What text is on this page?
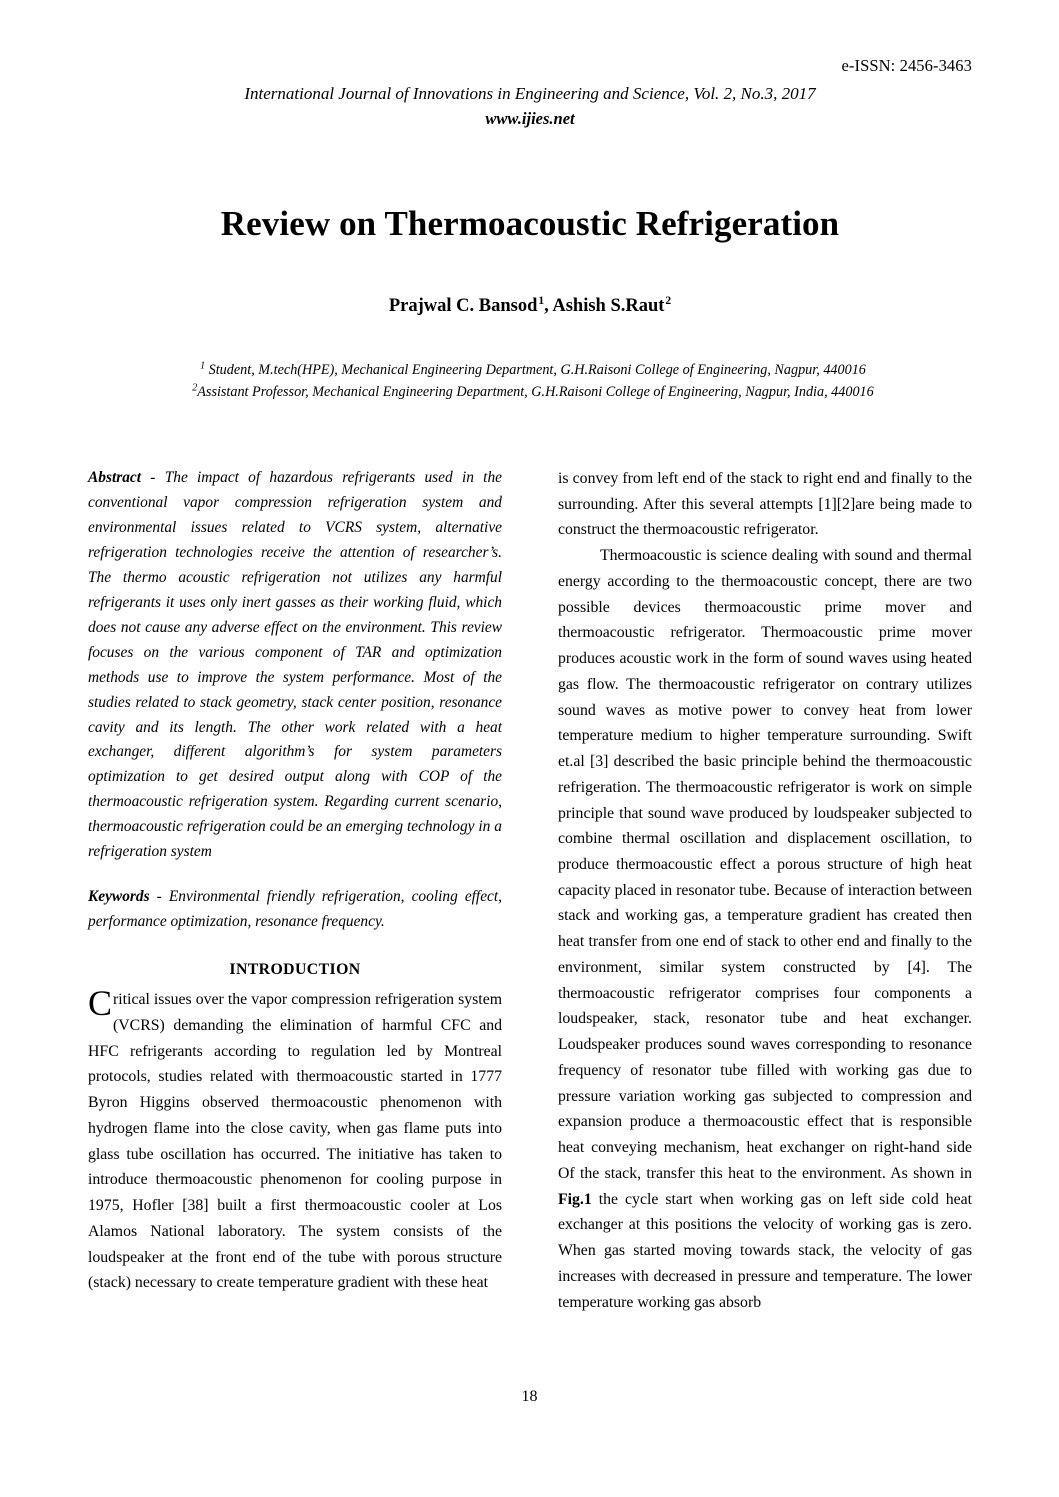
e-ISSN: 2456-3463
International Journal of Innovations in Engineering and Science, Vol. 2, No.3, 2017
www.ijies.net
Review on Thermoacoustic Refrigeration
Prajwal C. Bansod$^1$, Ashish S.Raut$^2$
$^1$ Student, M.tech(HPE), Mechanical Engineering Department, G.H.Raisoni College of Engineering, Nagpur, 440016
$^2$Assistant Professor, Mechanical Engineering Department, G.H.Raisoni College of Engineering, Nagpur, India, 440016

Abstract - The impact of hazardous refrigerants used in the conventional vapor compression refrigeration system and environmental issues related to VCRS system, alternative refrigeration technologies receive the attention of researcher’s. The thermo acoustic refrigeration not utilizes any harmful refrigerants it uses only inert gasses as their working fluid, which does not cause any adverse effect on the environment. This review focuses on the various component of TAR and optimization methods use to improve the system performance. Most of the studies related to stack geometry, stack center position, resonance cavity and its length. The other work related with a heat exchanger, different algorithm’s for system parameters optimization to get desired output along with COP of the thermoacoustic refrigeration system. Regarding current scenario, thermoacoustic refrigeration could be an emerging technology in a refrigeration system

Keywords - Environmental friendly refrigeration, cooling effect, performance optimization, resonance frequency.

INTRODUCTION

Critical issues over the vapor compression refrigeration system (VCRS) demanding the elimination of harmful CFC and HFC refrigerants according to regulation led by Montreal protocols, studies related with thermoacoustic started in 1777 Byron Higgins observed thermoacoustic phenomenon with hydrogen flame into the close cavity, when gas flame puts into glass tube oscillation has occurred. The initiative has taken to introduce thermoacoustic phenomenon for cooling purpose in 1975, Hofler [38] built a first thermoacoustic cooler at Los Alamos National laboratory. The system consists of the loudspeaker at the front end of the tube with porous structure (stack) necessary to create temperature gradient with these heat

is convey from left end of the stack to right end and finally to the surrounding. After this several attempts [1][2]are being made to construct the thermoacoustic refrigerator.

Thermoacoustic is science dealing with sound and thermal energy according to the thermoacoustic concept, there are two possible devices thermoacoustic prime mover and thermoacoustic refrigerator. Thermoacoustic prime mover produces acoustic work in the form of sound waves using heated gas flow. The thermoacoustic refrigerator on contrary utilizes sound waves as motive power to convey heat from lower temperature medium to higher temperature surrounding. Swift et.al [3] described the basic principle behind the thermoacoustic refrigeration. The thermoacoustic refrigerator is work on simple principle that sound wave produced by loudspeaker subjected to combine thermal oscillation and displacement oscillation, to produce thermoacoustic effect a porous structure of high heat capacity placed in resonator tube. Because of interaction between stack and working gas, a temperature gradient has created then heat transfer from one end of stack to other end and finally to the environment, similar system constructed by [4]. The thermoacoustic refrigerator comprises four components a loudspeaker, stack, resonator tube and heat exchanger. Loudspeaker produces sound waves corresponding to resonance frequency of resonator tube filled with working gas due to pressure variation working gas subjected to compression and expansion produce a thermoacoustic effect that is responsible heat conveying mechanism, heat exchanger on right-hand side Of the stack, transfer this heat to the environment. As shown in Fig.1 the cycle start when working gas on left side cold heat exchanger at this positions the velocity of working gas is zero. When gas started moving towards stack, the velocity of gas increases with decreased in pressure and temperature. The lower temperature working gas absorb

18
